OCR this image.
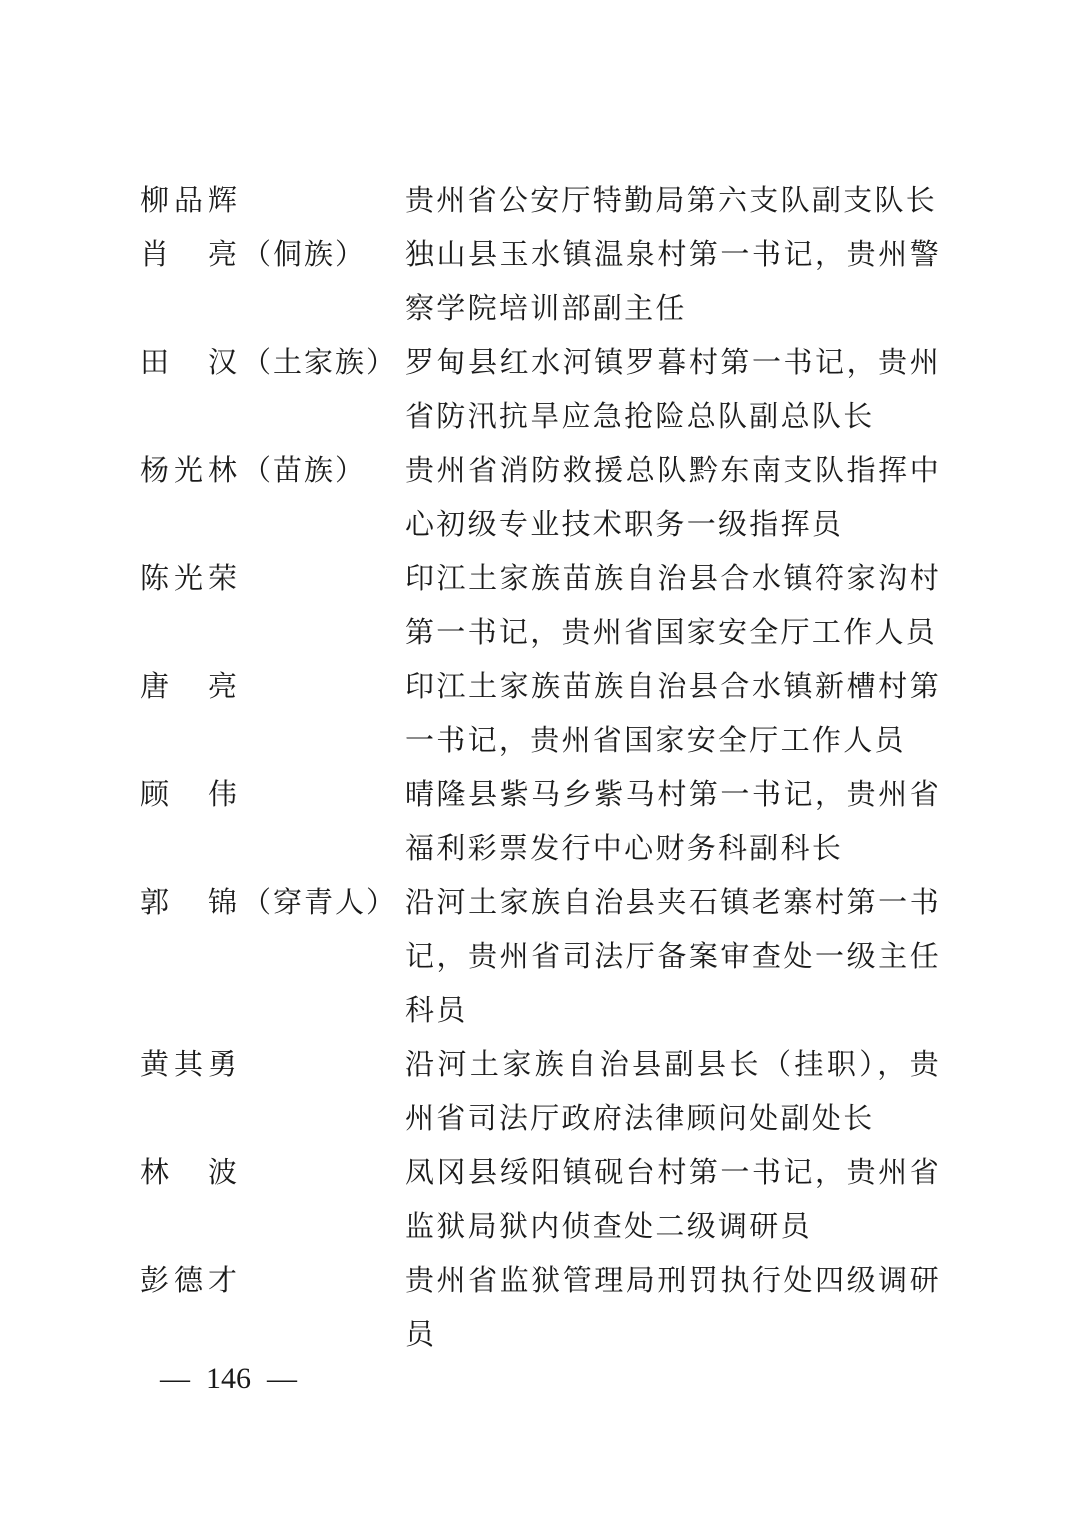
柳品辉	贵州省公安厅特勤局第六支队副支队长
肖　亮（侗族）	独山县玉水镇温泉村第一书记，贵州警察学院培训部副主任
田　汉（土家族） 罗甸县红水河镇罗暮村第一书记，贵州省防汛抗旱应急抢险总队副总队长
杨光林（苗族）	贵州省消防救援总队黔东南支队指挥中心初级专业技术职务一级指挥员
陈光荣	印江土家族苗族自治县合水镇符家沟村第一书记，贵州省国家安全厅工作人员
唐　亮	印江土家族苗族自治县合水镇新槽村第一书记，贵州省国家安全厅工作人员
顾　伟	晴隆县紫马乡紫马村第一书记，贵州省福利彩票发行中心财务科副科长
郭　锦（穿青人） 沿河土家族自治县夹石镇老寨村第一书记，贵州省司法厅备案审查处一级主任科员
黄其勇	沿河土家族自治县副县长（挂职），贵州省司法厅政府法律顾问处副处长
林　波	凤冈县绥阳镇砚台村第一书记，贵州省监狱局狱内侦查处二级调研员
彭德才	贵州省监狱管理局刑罚执行处四级调研员
— 146 —
